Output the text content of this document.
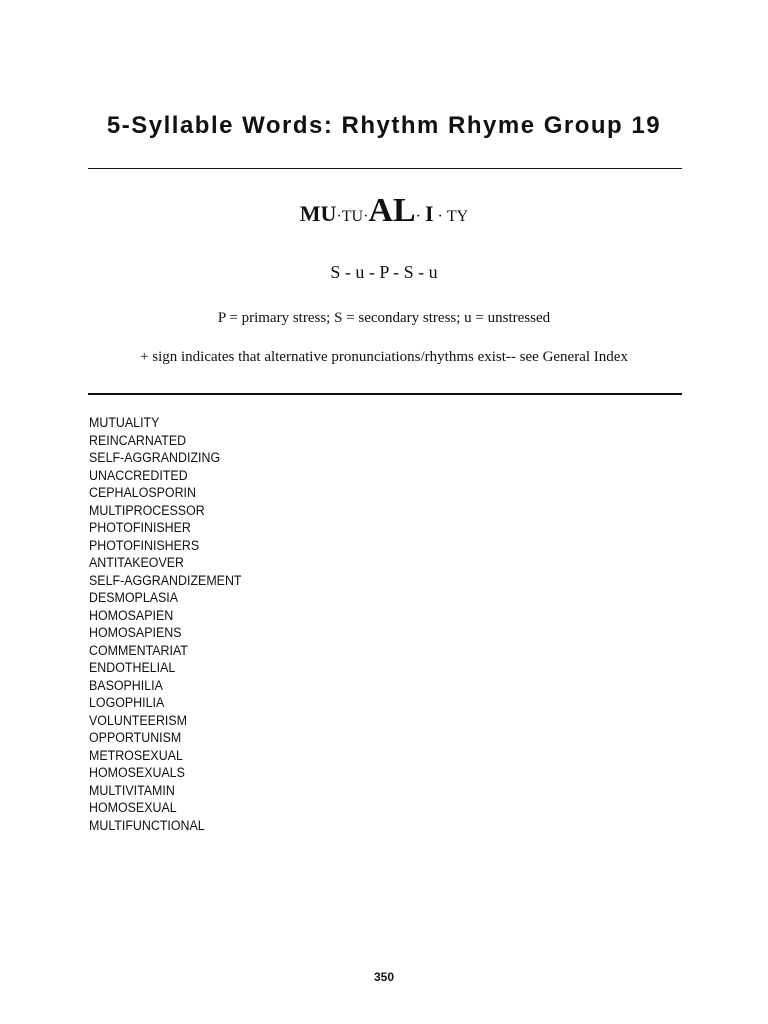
5-Syllable Words: Rhythm Rhyme Group 19
MU·TU·AL· I · TY
S - u - P - S - u
P = primary stress; S = secondary stress; u = unstressed
+ sign indicates that alternative pronunciations/rhythms exist-- see General Index
MUTUALITY
REINCARNATED
SELF-AGGRANDIZING
UNACCREDITED
CEPHALOSPORIN
MULTIPROCESSOR
PHOTOFINISHER
PHOTOFINISHERS
ANTITAKEOVER
SELF-AGGRANDIZEMENT
DESMOPLASIA
HOMOSAPIEN
HOMOSAPIENS
COMMENTARIAT
ENDOTHELIAL
BASOPHILIA
LOGOPHILIA
VOLUNTEERISM
OPPORTUNISM
METROSEXUAL
HOMOSEXUALS
MULTIVITAMIN
HOMOSEXUAL
MULTIFUNCTIONAL
350
